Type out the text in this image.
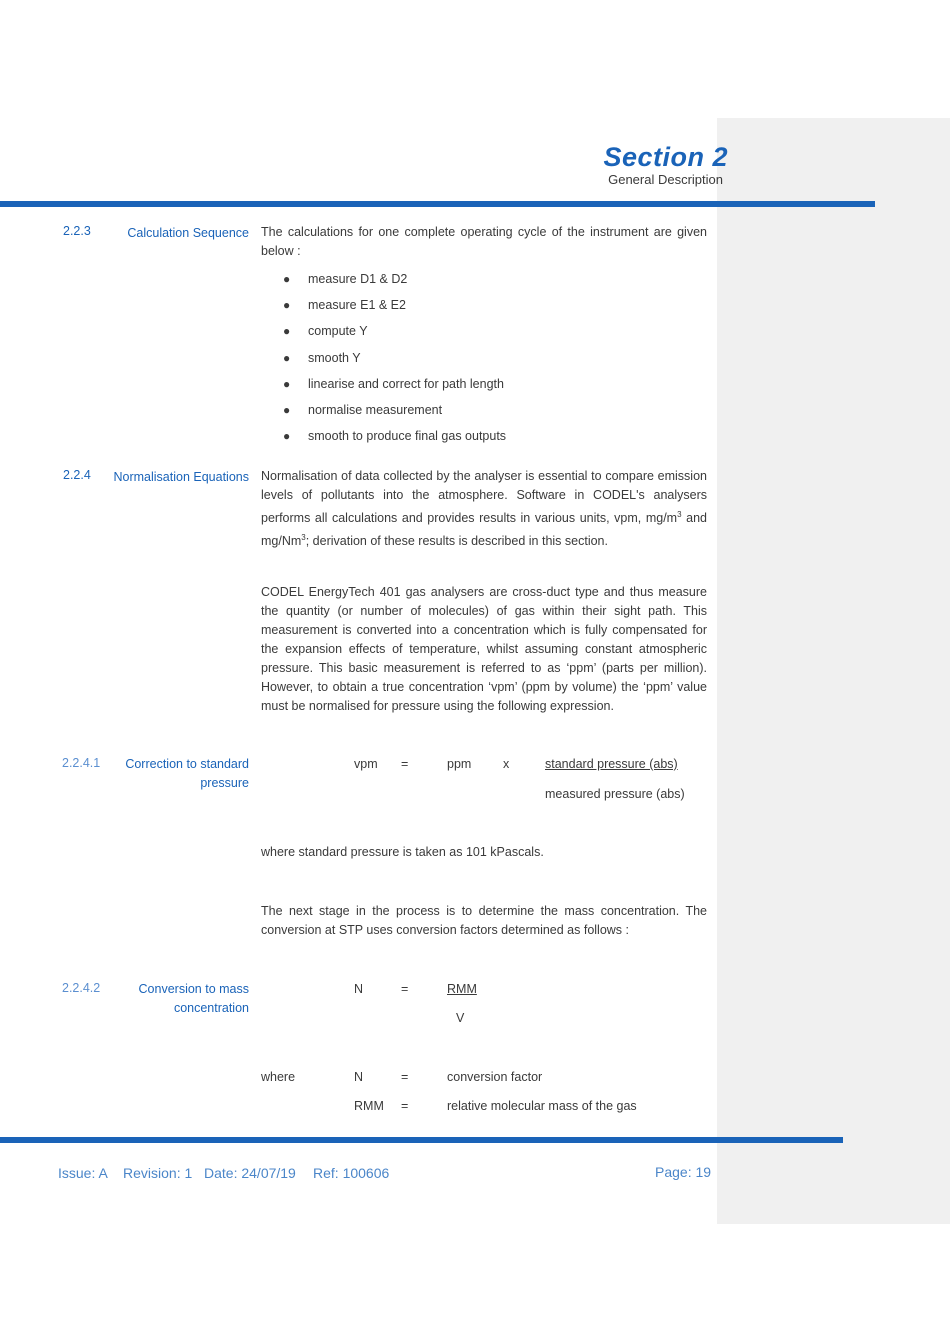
Section 2
General Description
2.2.3	Calculation Sequence The calculations for one complete operating cycle of the instrument are given below :
● measure D1 & D2
● measure E1 & E2
● compute Y
● smooth Y
● linearise and correct for path length
● normalise measurement
● smooth to produce final gas outputs
2.2.4	Normalisation Equations Normalisation of data collected by the analyser is essential to compare emission levels of pollutants into the atmosphere. Software in CODEL's analysers performs all calculations and provides results in various units, vpm, $mg/m^3$ and mg/Nm$^3$; derivation of these results is described in this section.
CODEL EnergyTech 401 gas analysers are cross-duct type and thus measure the quantity (or number of molecules) of gas within their sight path. This measurement is converted into a concentration which is fully compensated for the expansion effects of temperature, whilst assuming constant atmospheric pressure. This basic measurement is referred to as ‘ppm’ (parts per million). However, to obtain a true concentration ‘vpm’ (ppm by volume) the ‘ppm’ value must be normalised for pressure using the following expression.
2.2.4.1	Correction to standard pressure
vpm =	ppm	x	standard pressure (abs)
measured pressure (abs)
where standard pressure is taken as 101 kPascals.
The next stage in the process is to determine the mass concentration. The conversion at STP uses conversion factors determined as follows :
2.2.4.2	Conversion to mass concentration
N	=	RMM
V
where	N	=	conversion factor
RMM =	relative molecular mass of the gas
Issue: A Revision: 1 Date: 24/07/19 Ref: 100606	Page: 19
